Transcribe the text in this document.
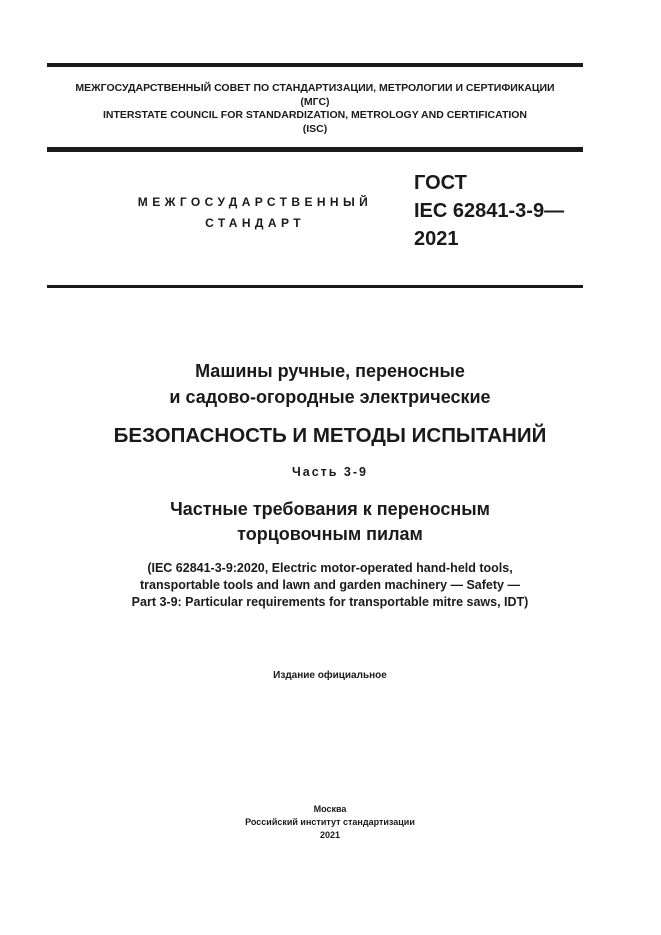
МЕЖГОСУДАРСТВЕННЫЙ СОВЕТ ПО СТАНДАРТИЗАЦИИ, МЕТРОЛОГИИ И СЕРТИФИКАЦИИ
(МГС)
INTERSTATE COUNCIL FOR STANDARDIZATION, METROLOGY AND CERTIFICATION
(ISC)
МЕЖГОСУДАРСТВЕННЫЙ
СТАНДАРТ
ГОСТ
IEC 62841-3-9—
2021
Машины ручные, переносные
и садово-огородные электрические
БЕЗОПАСНОСТЬ И МЕТОДЫ ИСПЫТАНИЙ
Часть 3-9
Частные требования к переносным
торцовочным пилам
(IEC 62841-3-9:2020, Electric motor-operated hand-held tools,
transportable tools and lawn and garden machinery — Safety —
Part 3-9: Particular requirements for transportable mitre saws, IDT)
Издание официальное
Москва
Российский институт стандартизации
2021
